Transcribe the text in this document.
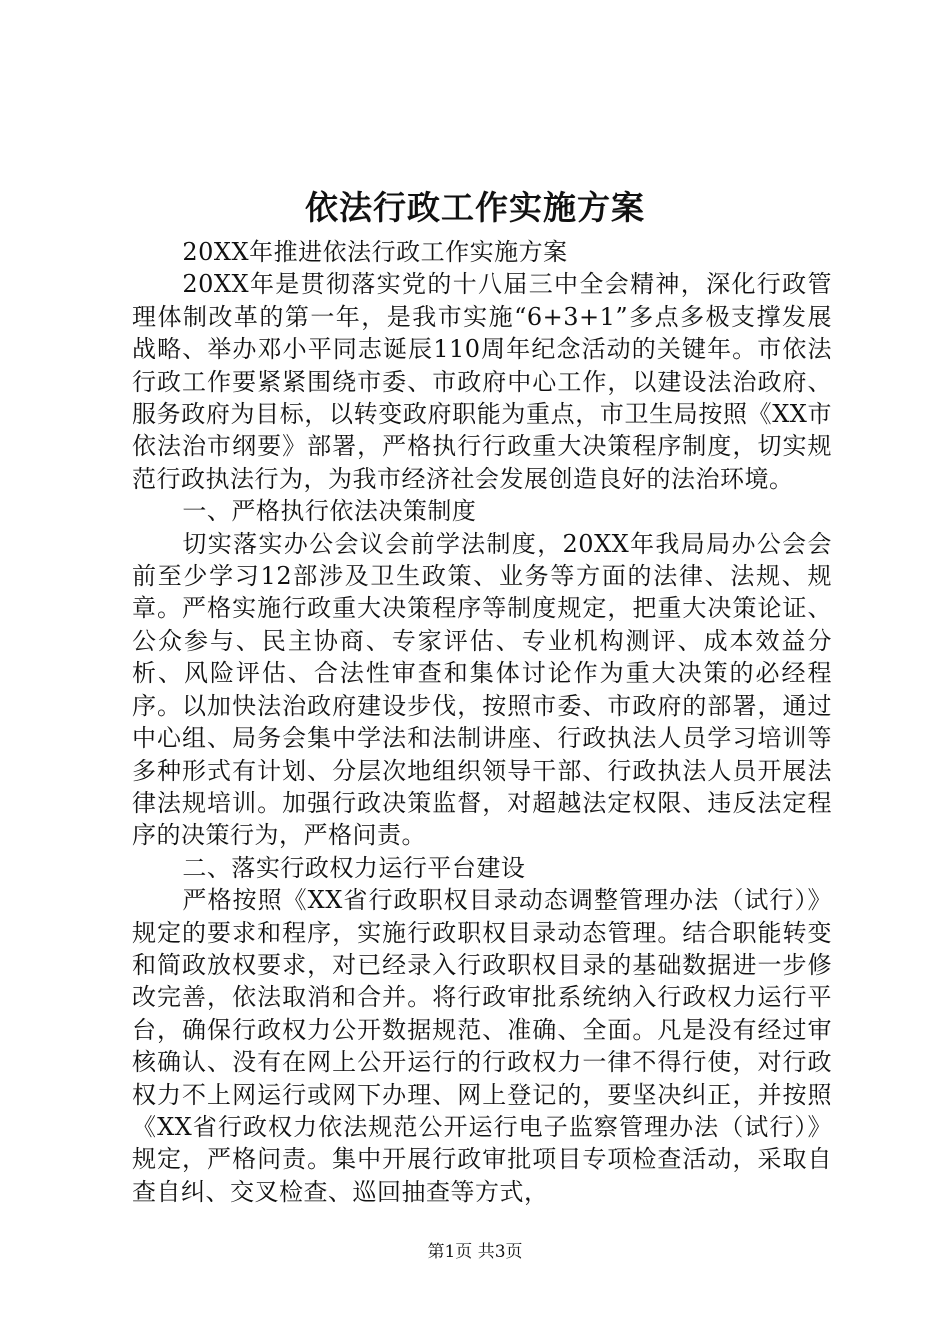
依法行政工作实施方案

20XX年推进依法行政工作实施方案

20XX年是贯彻落实党的十八届三中全会精神，深化行政管理体制改革的第一年，是我市实施“6+3+1”多点多极支撑发展战略、举办邓小平同志诞辰110周年纪念活动的关键年。市依法行政工作要紧紧围绕市委、市政府中心工作，以建设法治政府、服务政府为目标，以转变政府职能为重点，市卫生局按照《XX市依法治市纲要》部署，严格执行行政重大决策程序制度，切实规范行政执法行为，为我市经济社会发展创造良好的法治环境。

一、严格执行依法决策制度

切实落实办公会议会前学法制度，20XX年我局局办公会会前至少学习12部涉及卫生政策、业务等方面的法律、法规、规章。严格实施行政重大决策程序等制度规定，把重大决策论证、公众参与、民主协商、专家评估、专业机构测评、成本效益分析、风险评估、合法性审查和集体讨论作为重大决策的必经程序。以加快法治政府建设步伐，按照市委、市政府的部署，通过中心组、局务会集中学法和法制讲座、行政执法人员学习培训等多种形式有计划、分层次地组织领导干部、行政执法人员开展法律法规培训。加强行政决策监督，对超越法定权限、违反法定程序的决策行为，严格问责。

二、落实行政权力运行平台建设

严格按照《XX省行政职权目录动态调整管理办法（试行）》规定的要求和程序，实施行政职权目录动态管理。结合职能转变和简政放权要求，对已经录入行政职权目录的基础数据进一步修改完善，依法取消和合并。将行政审批系统纳入行政权力运行平台，确保行政权力公开数据规范、准确、全面。凡是没有经过审核确认、没有在网上公开运行的行政权力一律不得行使，对行政权力不上网运行或网下办理、网上登记的，要坚决纠正，并按照《XX省行政权力依法规范公开运行电子监察管理办法（试行）》规定，严格问责。集中开展行政审批项目专项检查活动，采取自查自纠、交叉检查、巡回抽查等方式，

第1页 共3页
